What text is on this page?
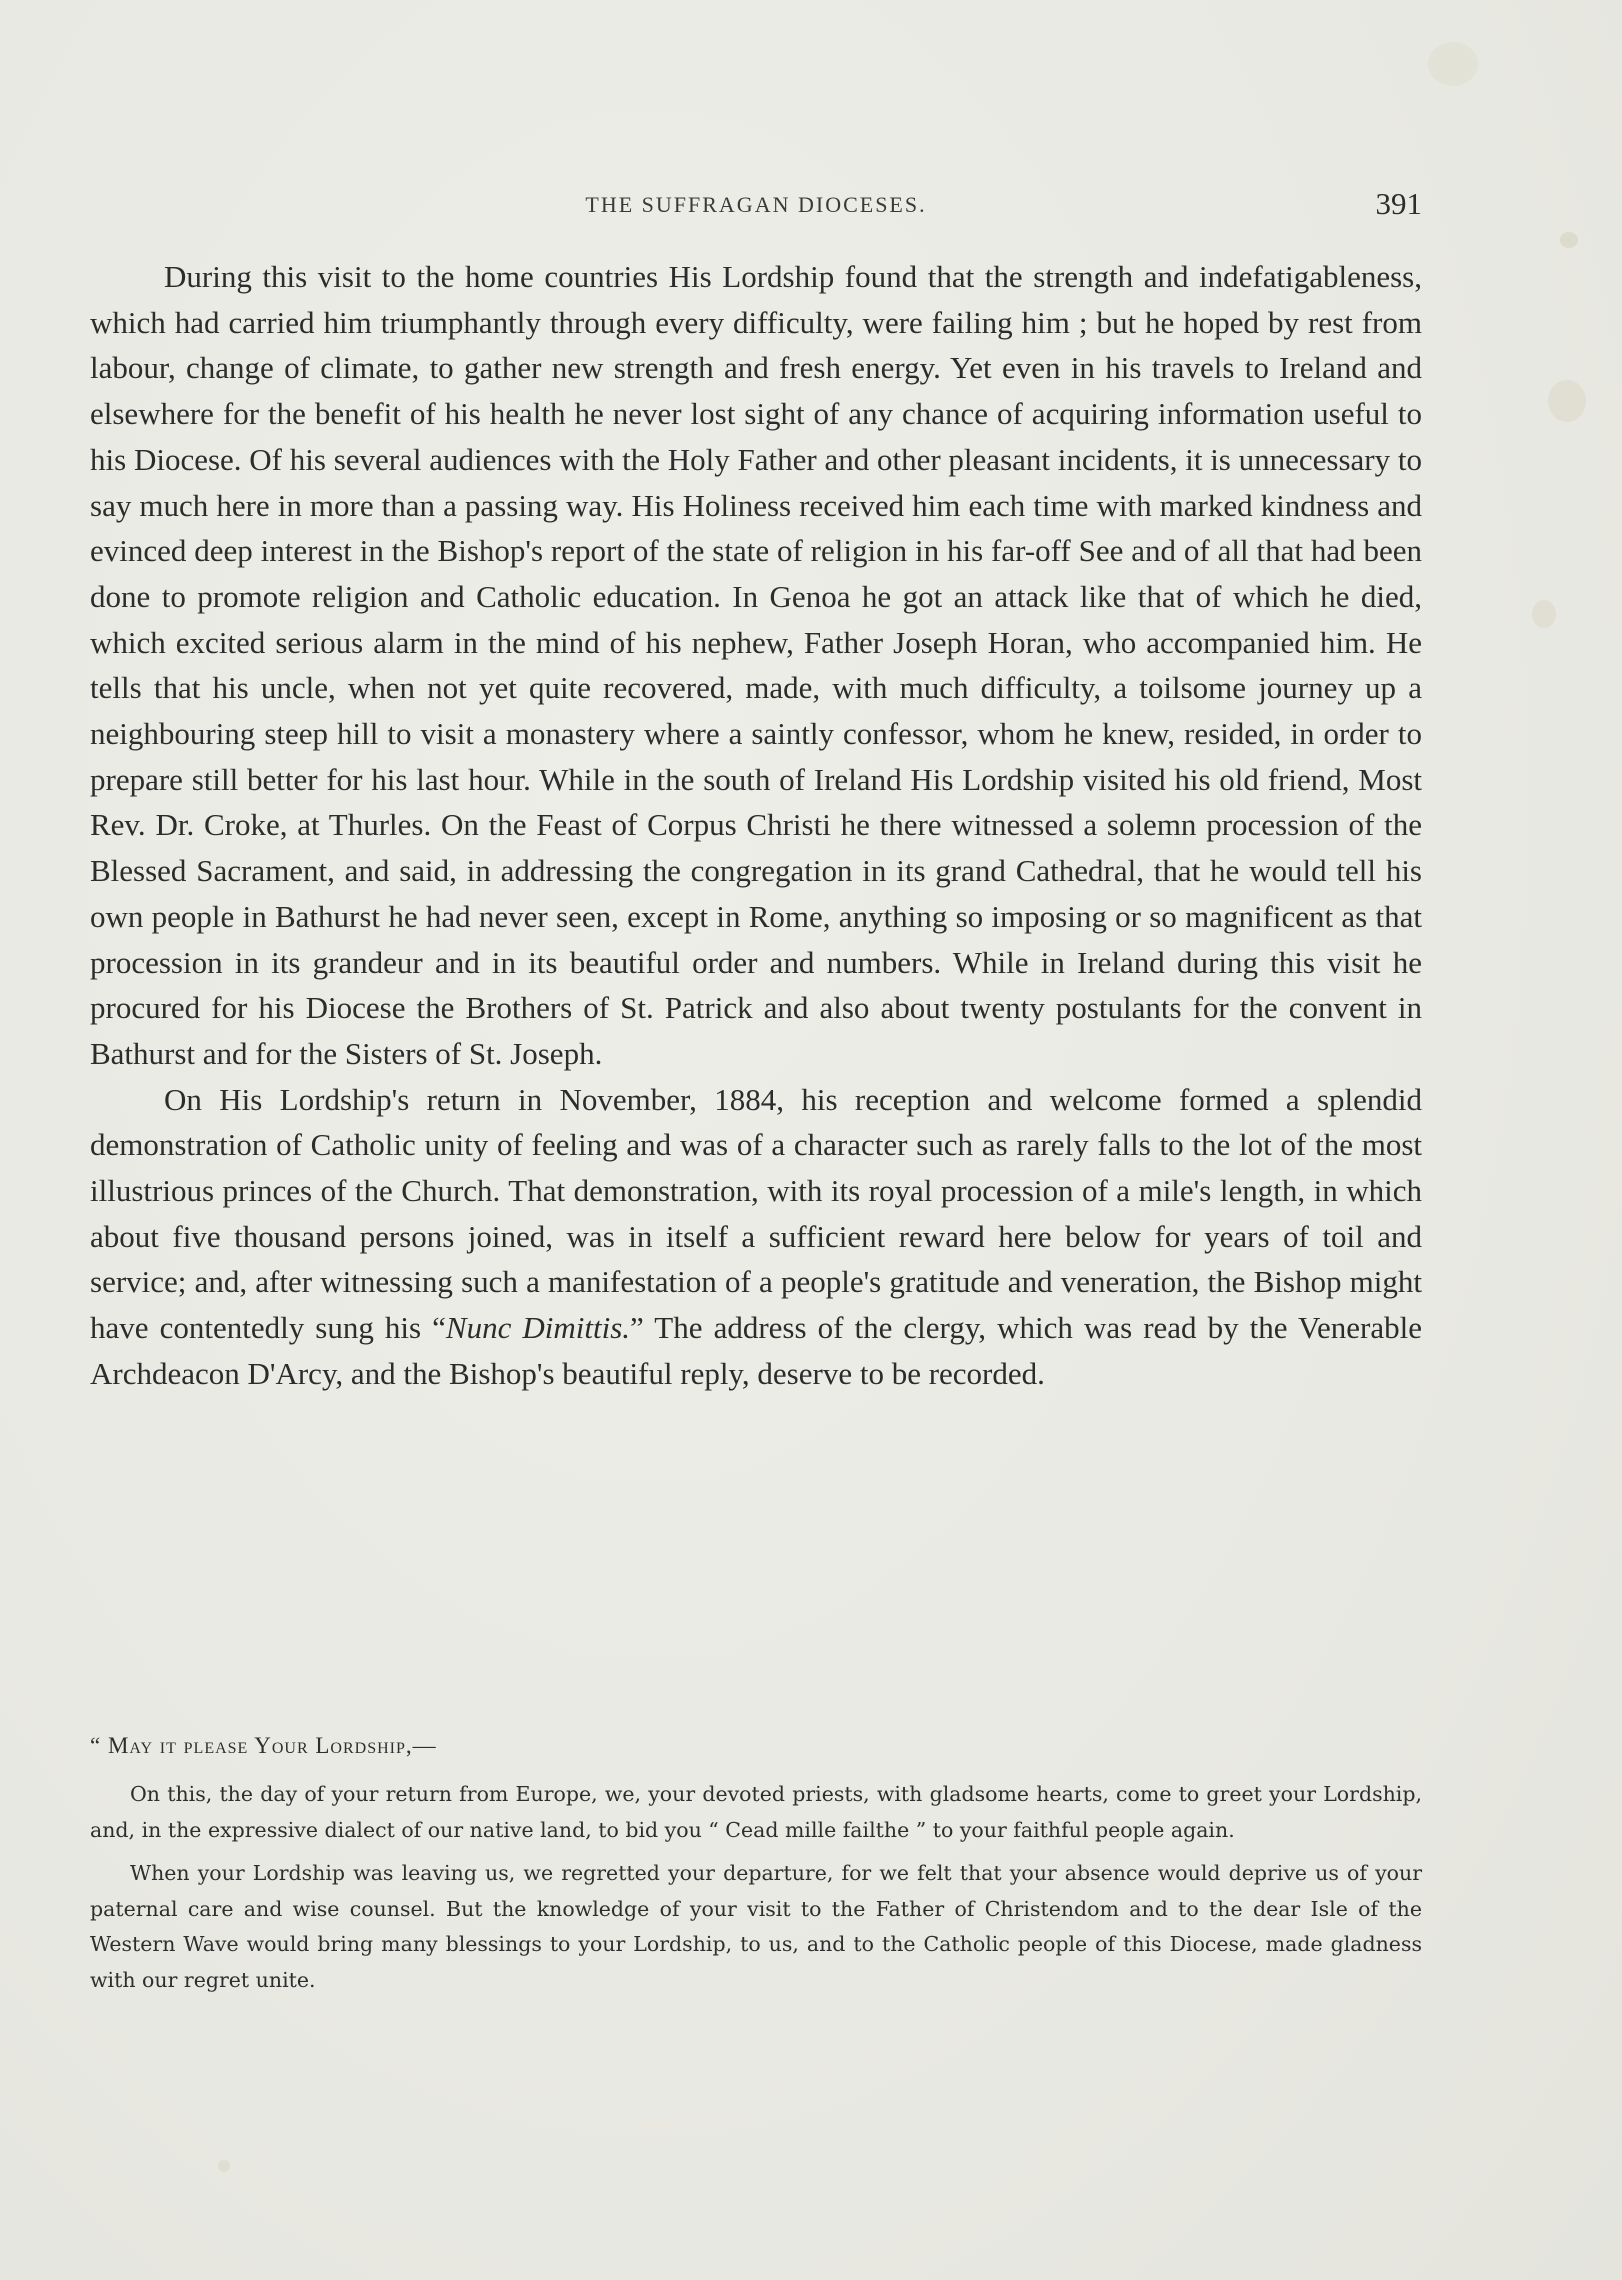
THE SUFFRAGAN DIOCESES.	391

During this visit to the home countries His Lordship found that the strength and indefatigableness, which had carried him triumphantly through every difficulty, were failing him ; but he hoped by rest from labour, change of climate, to gather new strength and fresh energy. Yet even in his travels to Ireland and elsewhere for the benefit of his health he never lost sight of any chance of acquiring information useful to his Diocese. Of his several audiences with the Holy Father and other pleasant incidents, it is unnecessary to say much here in more than a passing way. His Holiness received him each time with marked kindness and evinced deep interest in the Bishop's report of the state of religion in his far-off See and of all that had been done to promote religion and Catholic education. In Genoa he got an attack like that of which he died, which excited serious alarm in the mind of his nephew, Father Joseph Horan, who accompanied him. He tells that his uncle, when not yet quite recovered, made, with much difficulty, a toilsome journey up a neighbouring steep hill to visit a monastery where a saintly confessor, whom he knew, resided, in order to prepare still better for his last hour. While in the south of Ireland His Lordship visited his old friend, Most Rev. Dr. Croke, at Thurles. On the Feast of Corpus Christi he there witnessed a solemn procession of the Blessed Sacrament, and said, in addressing the congregation in its grand Cathedral, that he would tell his own people in Bathurst he had never seen, except in Rome, anything so imposing or so magnificent as that procession in its grandeur and in its beautiful order and numbers. While in Ireland during this visit he procured for his Diocese the Brothers of St. Patrick and also about twenty postulants for the convent in Bathurst and for the Sisters of St. Joseph.

On His Lordship's return in November, 1884, his reception and welcome formed a splendid demonstration of Catholic unity of feeling and was of a character such as rarely falls to the lot of the most illustrious princes of the Church. That demonstration, with its royal procession of a mile's length, in which about five thousand persons joined, was in itself a sufficient reward here below for years of toil and service; and, after witnessing such a manifestation of a people's gratitude and veneration, the Bishop might have contentedly sung his “Nunc Dimittis.” The address of the clergy, which was read by the Venerable Archdeacon D'Arcy, and the Bishop's beautiful reply, deserve to be recorded.

“ May it please Your Lordship,—

On this, the day of your return from Europe, we, your devoted priests, with gladsome hearts, come to greet your Lordship, and, in the expressive dialect of our native land, to bid you “ Cead mille failthe ” to your faithful people again.

When your Lordship was leaving us, we regretted your departure, for we felt that your absence would deprive us of your paternal care and wise counsel. But the knowledge of your visit to the Father of Christendom and to the dear Isle of the Western Wave would bring many blessings to your Lordship, to us, and to the Catholic people of this Diocese, made gladness with our regret unite.
